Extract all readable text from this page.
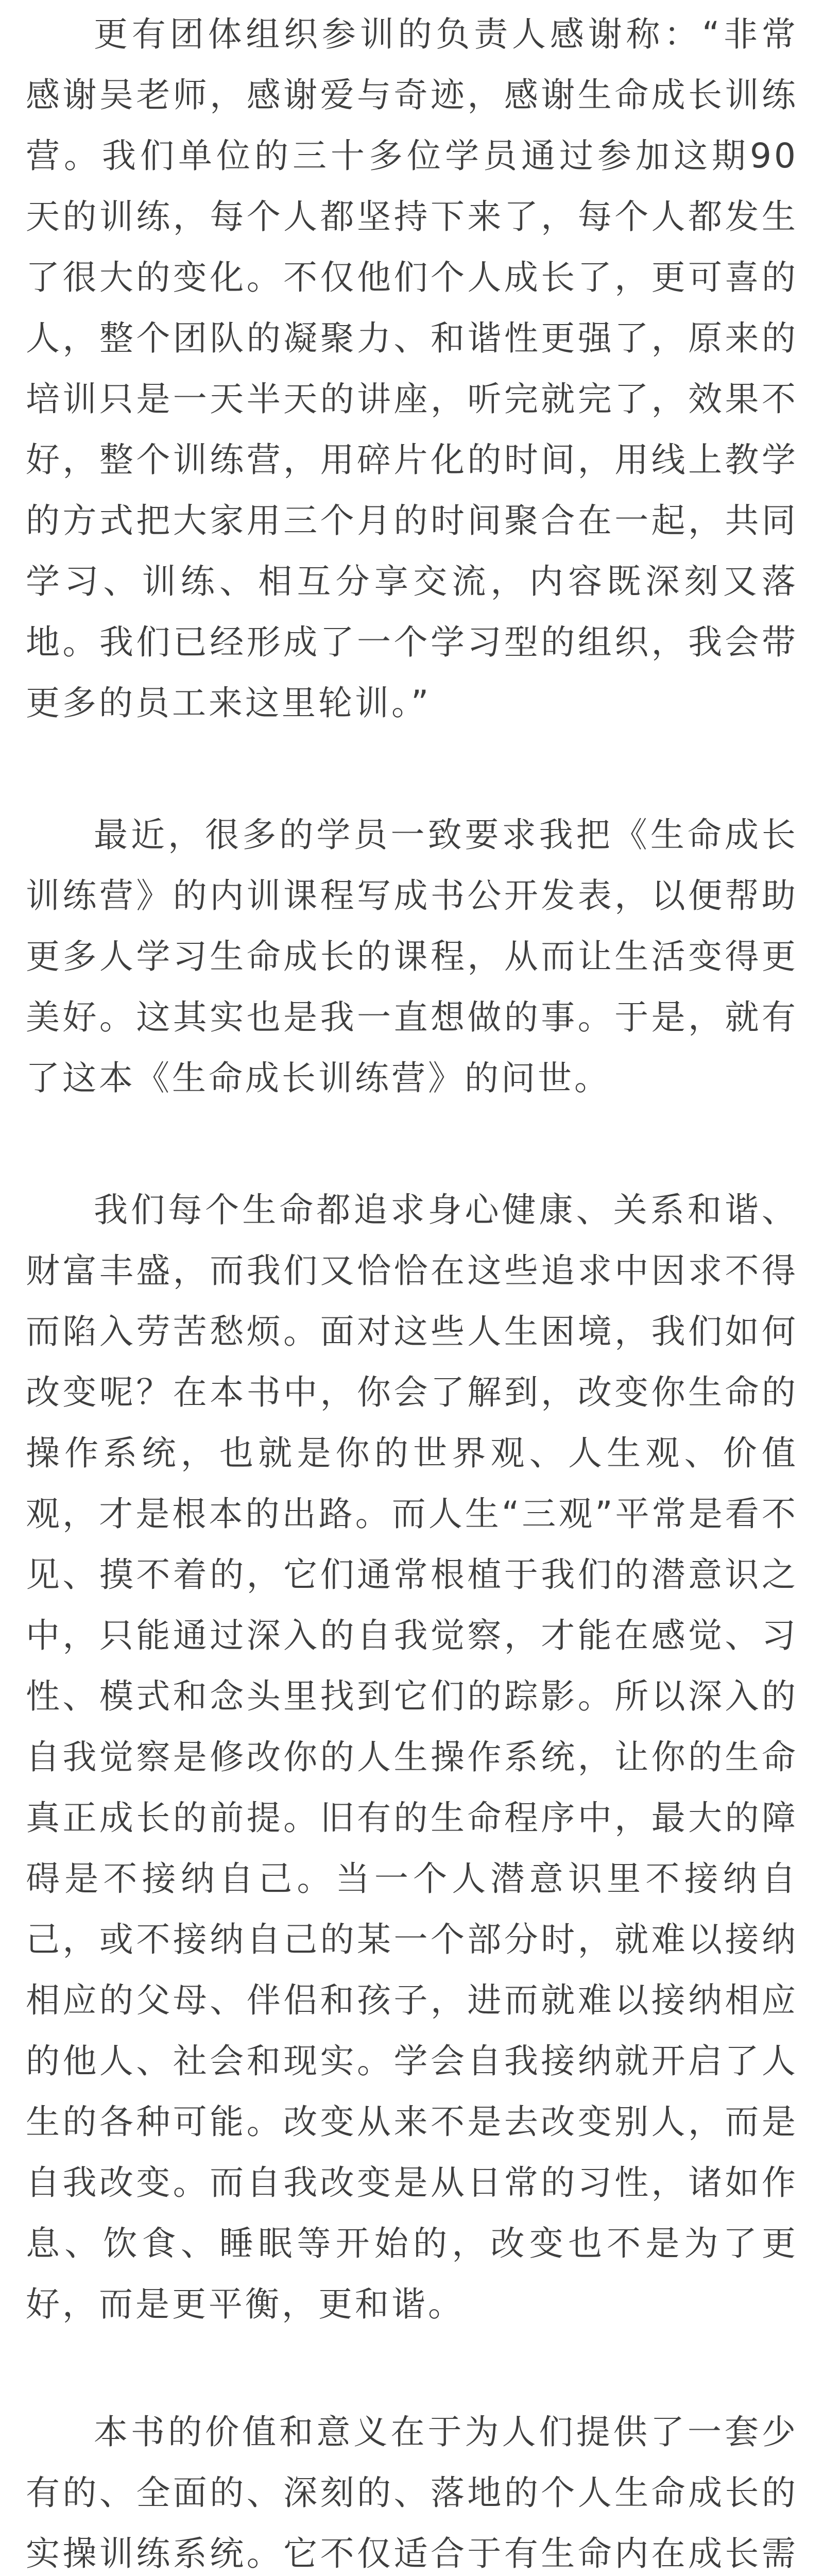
更有团体组织参训的负责人感谢称：“非常感谢吴老师，感谢爱与奇迹，感谢生命成长训练营。我们单位的三十多位学员通过参加这期90天的训练，每个人都坚持下来了，每个人都发生了很大的变化。不仅他们个人成长了，更可喜的人，整个团队的凝聚力、和谐性更强了，原来的培训只是一天半天的讲座，听完就完了，效果不好，整个训练营，用碎片化的时间，用线上教学的方式把大家用三个月的时间聚合在一起，共同学习、训练、相互分享交流，内容既深刻又落地。我们已经形成了一个学习型的组织，我会带更多的员工来这里轮训。”

最近，很多的学员一致要求我把《生命成长训练营》的内训课程写成书公开发表，以便帮助更多人学习生命成长的课程，从而让生活变得更美好。这其实也是我一直想做的事。于是，就有了这本《生命成长训练营》的问世。

我们每个生命都追求身心健康、关系和谐、财富丰盛，而我们又恰恰在这些追求中因求不得而陷入劳苦愁烦。面对这些人生困境，我们如何改变呢？在本书中，你会了解到，改变你生命的操作系统，也就是你的世界观、人生观、价值观，才是根本的出路。而人生“三观”平常是看不见、摸不着的，它们通常根植于我们的潜意识之中，只能通过深入的自我觉察，才能在感觉、习性、模式和念头里找到它们的踪影。所以深入的自我觉察是修改你的人生操作系统，让你的生命真正成长的前提。旧有的生命程序中，最大的障碍是不接纳自己。当一个人潜意识里不接纳自己，或不接纳自己的某一个部分时，就难以接纳相应的父母、伴侣和孩子，进而就难以接纳相应的他人、社会和现实。学会自我接纳就开启了人生的各种可能。改变从来不是去改变别人，而是自我改变。而自我改变是从日常的习性，诸如作息、饮食、睡眠等开始的，改变也不是为了更好，而是更平衡，更和谐。

本书的价值和意义在于为人们提供了一套少有的、全面的、深刻的、落地的个人生命成长的实操训练系统。它不仅适合于有生命内在成长需
